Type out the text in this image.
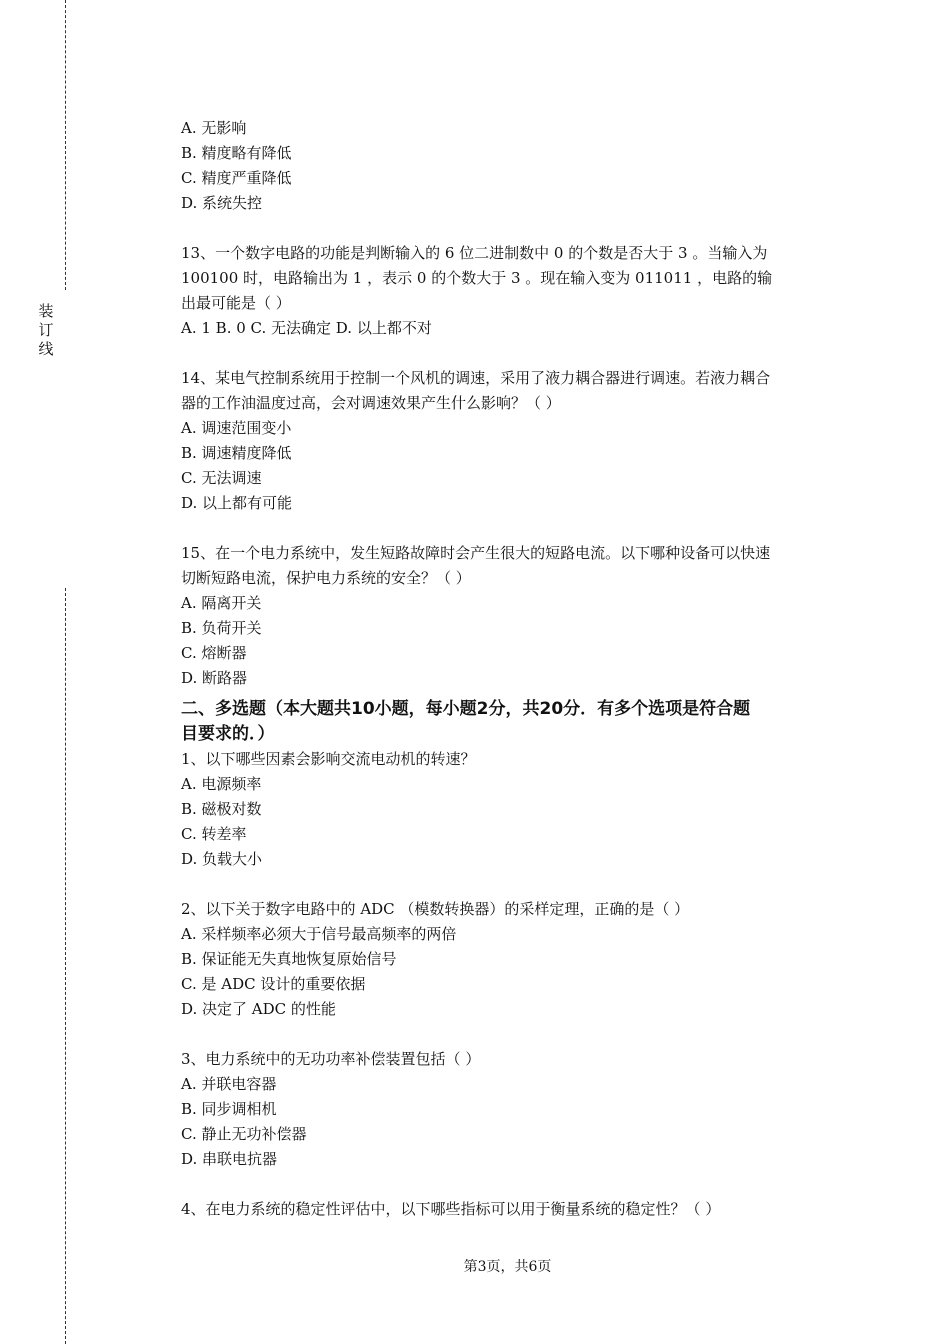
装订线
A. 无影响
B. 精度略有降低
C. 精度严重降低
D. 系统失控
13、一个数字电路的功能是判断输入的 6 位二进制数中 0 的个数是否大于 3 。当输入为
100100 时，电路输出为 1 ，表示 0 的个数大于 3 。现在输入变为 011011 ，电路的输
出最可能是（ ）
A. 1 B. 0 C. 无法确定 D. 以上都不对
14、某电气控制系统用于控制一个风机的调速，采用了液力耦合器进行调速。若液力耦合
器的工作油温度过高，会对调速效果产生什么影响？（ ）
A. 调速范围变小
B. 调速精度降低
C. 无法调速
D. 以上都有可能
15、在一个电力系统中，发生短路故障时会产生很大的短路电流。以下哪种设备可以快速
切断短路电流，保护电力系统的安全？（ ）
A. 隔离开关
B. 负荷开关
C. 熔断器
D. 断路器
二、多选题（本大题共10小题，每小题2分，共20分．有多个选项是符合题
目要求的．）
1、以下哪些因素会影响交流电动机的转速？
A. 电源频率
B. 磁极对数
C. 转差率
D. 负载大小
2、以下关于数字电路中的 ADC （模数转换器）的采样定理，正确的是（ ）
A. 采样频率必须大于信号最高频率的两倍
B. 保证能无失真地恢复原始信号
C. 是 ADC 设计的重要依据
D. 决定了 ADC 的性能
3、电力系统中的无功功率补偿装置包括（ ）
A. 并联电容器
B. 同步调相机
C. 静止无功补偿器
D. 串联电抗器
4、在电力系统的稳定性评估中，以下哪些指标可以用于衡量系统的稳定性？（ ）
第3页，共6页
